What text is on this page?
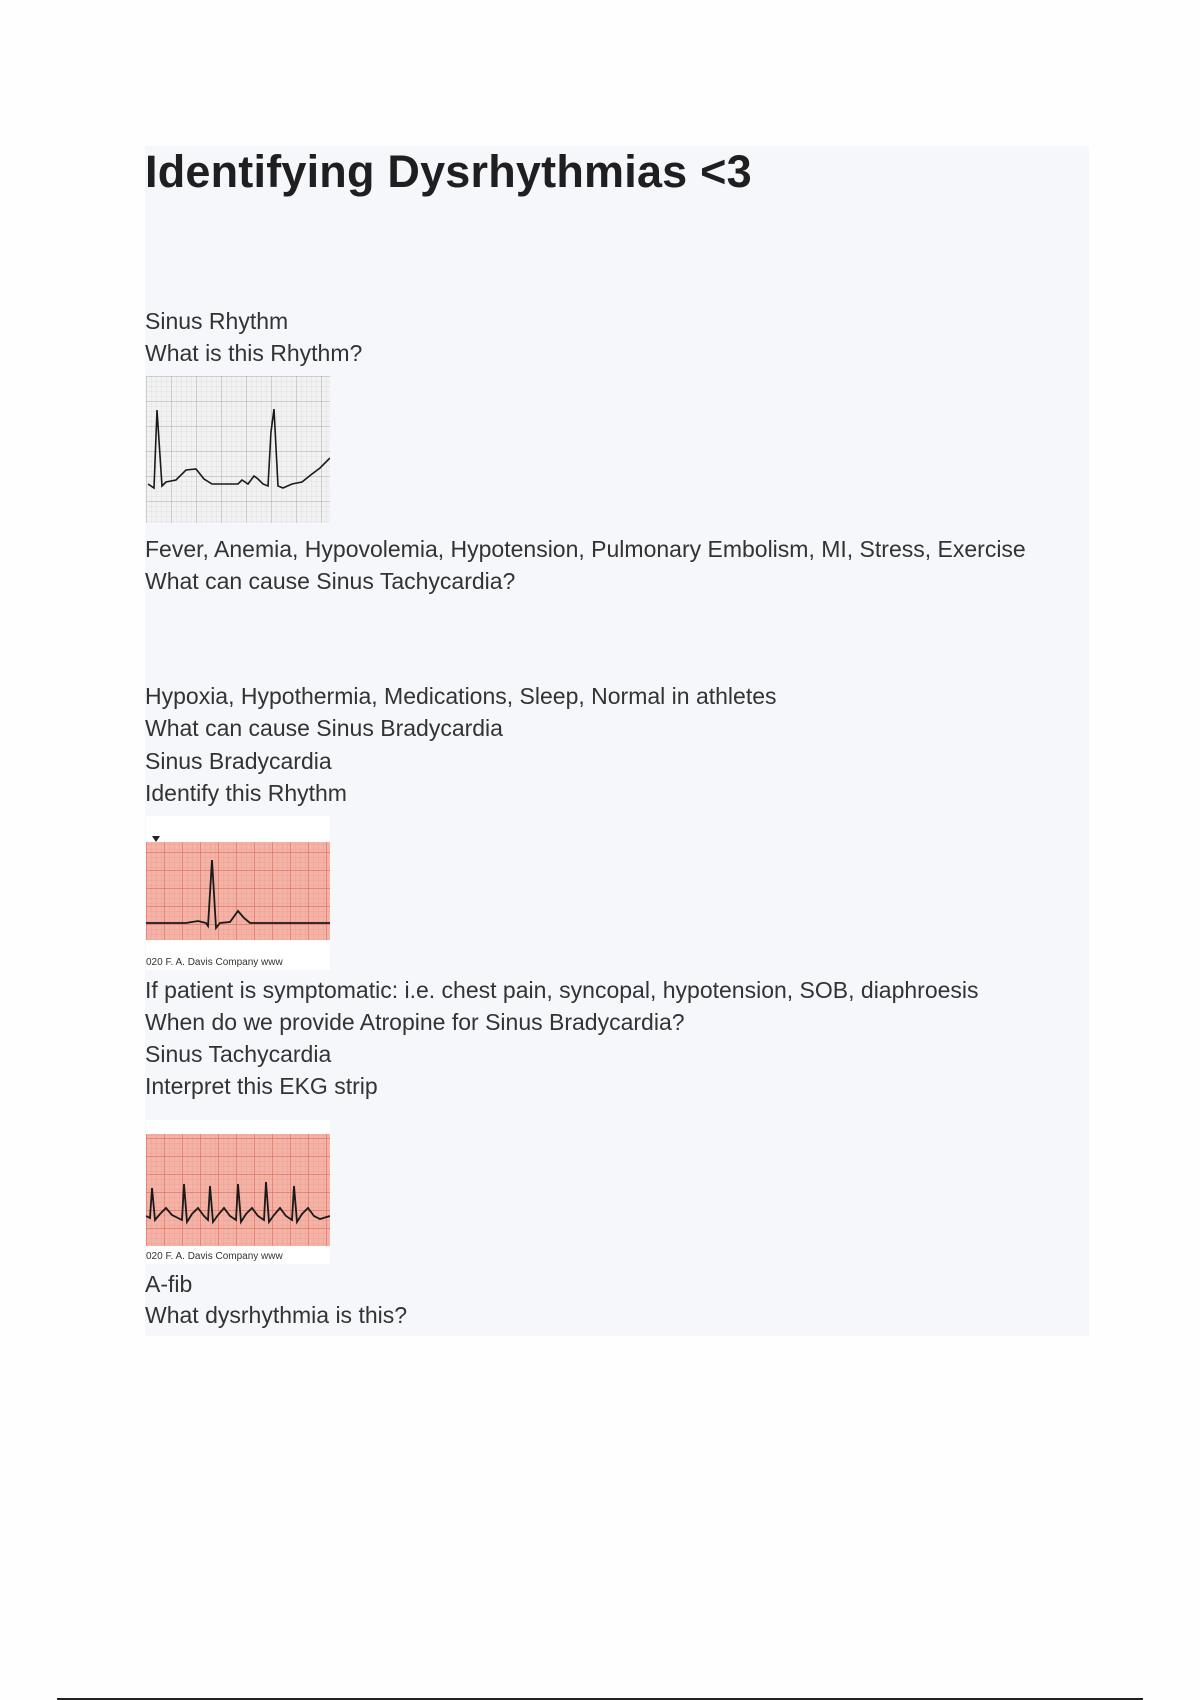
Identifying Dysrhythmias <3
Sinus Rhythm
What is this Rhythm?
Fever, Anemia, Hypovolemia, Hypotension, Pulmonary Embolism, MI, Stress, Exercise
What can cause Sinus Tachycardia?
Hypoxia, Hypothermia, Medications, Sleep, Normal in athletes
What can cause Sinus Bradycardia
Sinus Bradycardia
Identify this Rhythm
020 F. A. Davis Company www
If patient is symptomatic: i.e. chest pain, syncopal, hypotension, SOB, diaphroesis
When do we provide Atropine for Sinus Bradycardia?
Sinus Tachycardia
Interpret this EKG strip
020 F. A. Davis Company www
A-fib
What dysrhythmia is this?
